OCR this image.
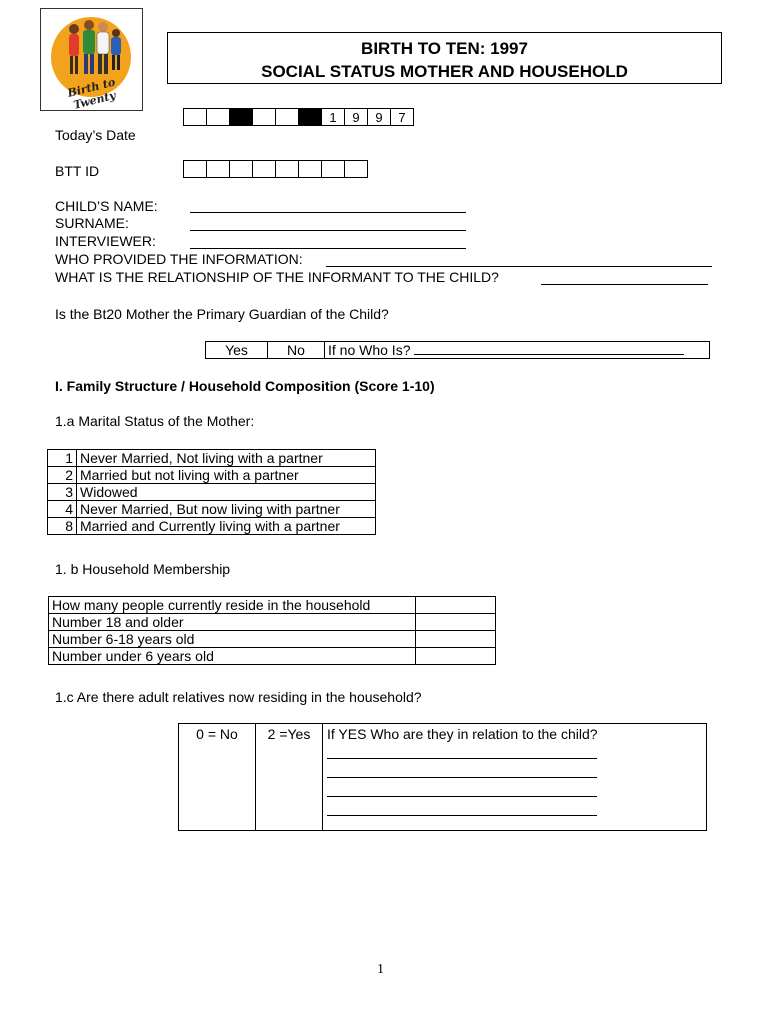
Birth to Twenty
BIRTH TO TEN: 1997
SOCIAL STATUS MOTHER AND HOUSEHOLD
1	9	9	7
Today’s Date
BTT ID
CHILD’S NAME:
SURNAME:
INTERVIEWER:
WHO PROVIDED THE INFORMATION:
WHAT IS THE RELATIONSHIP OF THE INFORMANT TO THE CHILD?
Is the Bt20 Mother the Primary Guardian of the Child?
Yes	No	If no Who Is?
I. Family Structure / Household Composition (Score 1-10)
1.a Marital Status of the Mother:
1	Never Married, Not living with a partner
2	Married but not living with a partner
3	Widowed
4	Never Married, But now living with partner
8	Married and Currently living with a partner
1. b Household Membership
How many people currently reside in the household	
Number 18 and older	
Number 6-18 years old	
Number under 6 years old	
1.c Are there adult relatives now residing in the household?
0 = No	2 =Yes	If YES Who are they in relation to the child?
1
